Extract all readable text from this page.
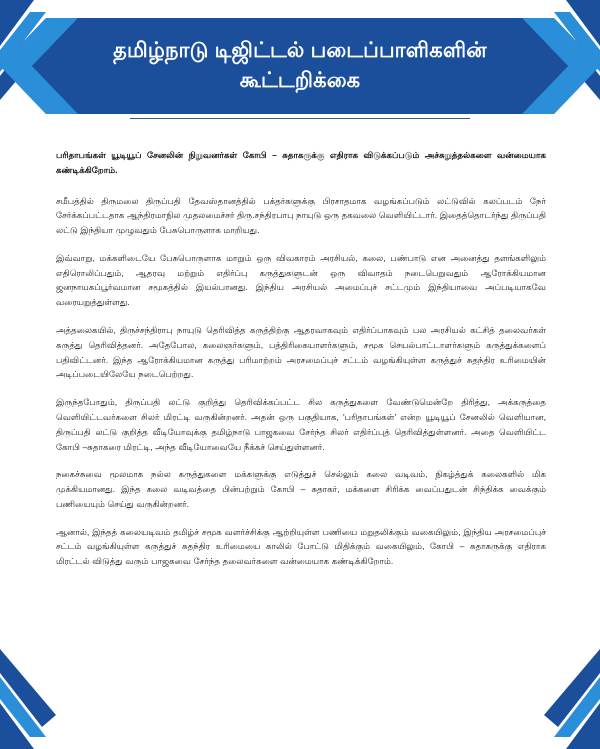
தமிழ்நாடு டிஜிட்டல் படைப்பாளிகளின்
கூட்டறிக்கை

பரிதாபங்கள் யூடியூப் சேனலின் நிறுவனர்கள் கோபி – சுதாகருக்கு எதிராக விடுக்கப்படும் அச்சுறுத்தல்களை வன்மையாக கண்டிக்கிறோம்.

சமீபத்தில் திருமலை திருப்பதி தேவஸ்தானத்தில் பக்தர்களுக்கு பிரசாதமாக வழங்கப்படும் லட்டுவில் கலப்படம் நேர் சேர்க்கப்பட்டதாக ஆந்திரமாநில முதலமைச்சர் திரு.சந்திரபாபு நாயுடு ஒரு தகவலை வெளியிட்டார். இதைத்தொடர்ந்து திருப்பதி லட்டு இந்தியா முழுவதும் பேசுபொருளாக மாறியது.

இவ்வாறு, மக்களிடையே பேசுபொருளாக மாறும் ஒரு விவகாரம் அரசியல், கலை, பண்பாடு என அனைத்து தளங்களிலும் எதிரொலிப்பதும், ஆதரவு மற்றும் எதிர்ப்பு கருத்துகளுடன் ஒரு விவாதம் நடைபெறுவதும் ஆரோக்கியமான ஜனநாயகப்பூர்வமான சமூகத்தில் இயல்பானது. இந்திய அரசியல் அமைப்புச் சட்டமும் இந்தியாவை அப்படியாகவே வரையறுத்துள்ளது.

அத்தலைகயில், திருச்சந்திராபு நாயுடு தெரிவித்த கருத்திற்கு ஆதரவாகவும் எதிர்ப்பாகவும் பல அரசியல் கட்சித் தலைவர்கள் கருத்து தெரிவித்தனர். அதேபோல, கலைஞர்களும், பத்திரிகையாளர்களும், சமூக செயல்பாட்டாளர்களும் கருத்துக்களைப் பதிவிட்டனர். இந்த ஆரோக்கியமான கருத்து பரிமாற்றம் அரசமைப்புச் சட்டம் வழங்கியுள்ள கருத்துச் சுதந்திர உரிமையின் அடிப்படையிலேயே நடைபெற்றது.

இருந்தபோதும், திருப்பதி லட்டு குறித்து தெரிவிக்கப்பட்ட சில கருத்துகளை வேண்டுமென்றே திரித்து, அக்கருத்தை வெளியிட்டவர்களை சிலர் மிரட்டி வருகின்றனர். அதன் ஒரு பகுதியாக, 'பரிதாபங்கள்' என்ற யூடியூப் சேனலில் வெளியான, திருப்பதி லட்டு குறித்த வீடியோவுக்கு தமிழ்நாடு பாஜகவை சேர்ந்த சிலர் எதிர்ப்புத் தெரிவித்துள்ளனர். அதை வெளியிட்ட கோபி –சுதாகரை மிரட்டி, அந்த வீடியோவையே நீக்கச் செய்துள்ளனர்.

நகைச்சுவை மூலமாக நல்ல கருத்துகளை மக்களுக்கு எடுத்துச் செல்லும் கலை வடிவம், நிகழ்த்துக் கலைகளில் மிக முக்கியமானது. இந்த கலை வடிவத்தை பின்பற்றும் கோபி – சுதாகர், மக்களை சிரிக்க வைப்பதுடன் சிந்திக்க வைக்கும் பணியையும் செய்து வருகின்றனர்.

ஆனால், இந்தத் கலையடிவம் தமிழ்ச் சமூக வளர்ச்சிக்கு ஆற்றியுள்ள பணியை மறுதலிக்கும் வகையிலும், இந்திய அரசமைப்புச் சட்டம் வழங்கியுள்ள கருத்துச் சுதந்திர உரிமையை காலில் போட்டு மிதிக்கும் வகையிலும், கோபி – சுதாகருக்கு எதிராக மிரட்டல் விடுத்து வரும் பாஜகவை சேர்ந்த தலைவர்களை வன்மையாக கண்டிக்கிறோம்.
